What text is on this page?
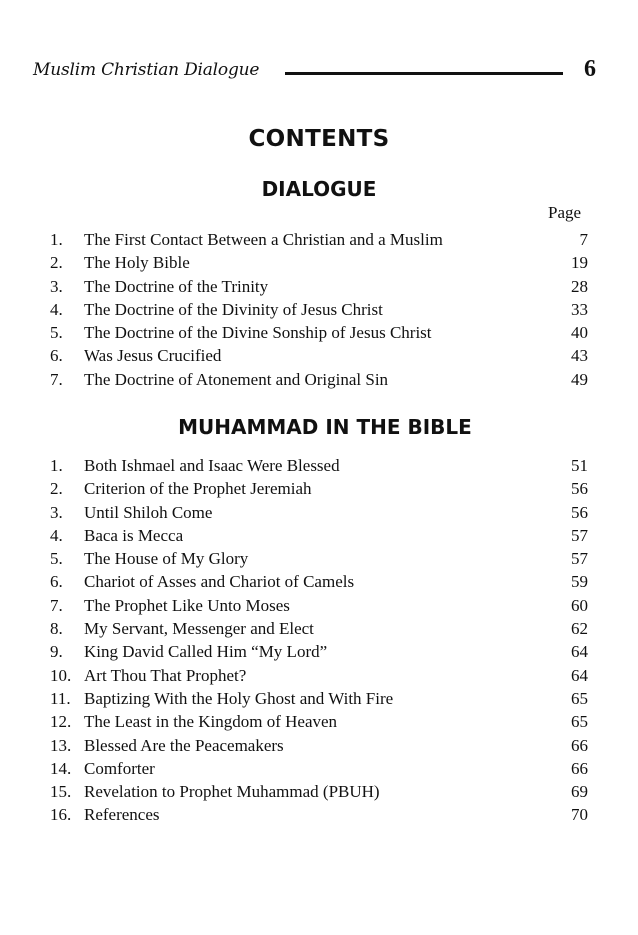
Muslim Christian Dialogue	6
CONTENTS
DIALOGUE
Page
1.	The First Contact Between a Christian and a Muslim	7
2.	The Holy Bible	19
3.	The Doctrine of the Trinity	28
4.	The Doctrine of the Divinity of Jesus Christ	33
5.	The Doctrine of the Divine Sonship of Jesus Christ	40
6.	Was Jesus Crucified	43
7.	The Doctrine of Atonement and Original Sin	49
MUHAMMAD IN THE BIBLE
1.	Both Ishmael and Isaac Were Blessed	51
2.	Criterion of the Prophet Jeremiah	56
3.	Until Shiloh Come	56
4.	Baca is Mecca	57
5.	The House of My Glory	57
6.	Chariot of Asses and Chariot of Camels	59
7.	The Prophet Like Unto Moses	60
8.	My Servant, Messenger and Elect	62
9.	King David Called Him “My Lord”	64
10. Art Thou That Prophet?	64
11. Baptizing With the Holy Ghost and With Fire	65
12. The Least in the Kingdom of Heaven	65
13. Blessed Are the Peacemakers	66
14. Comforter	66
15. Revelation to Prophet Muhammad (PBUH)	69
16. References	70
